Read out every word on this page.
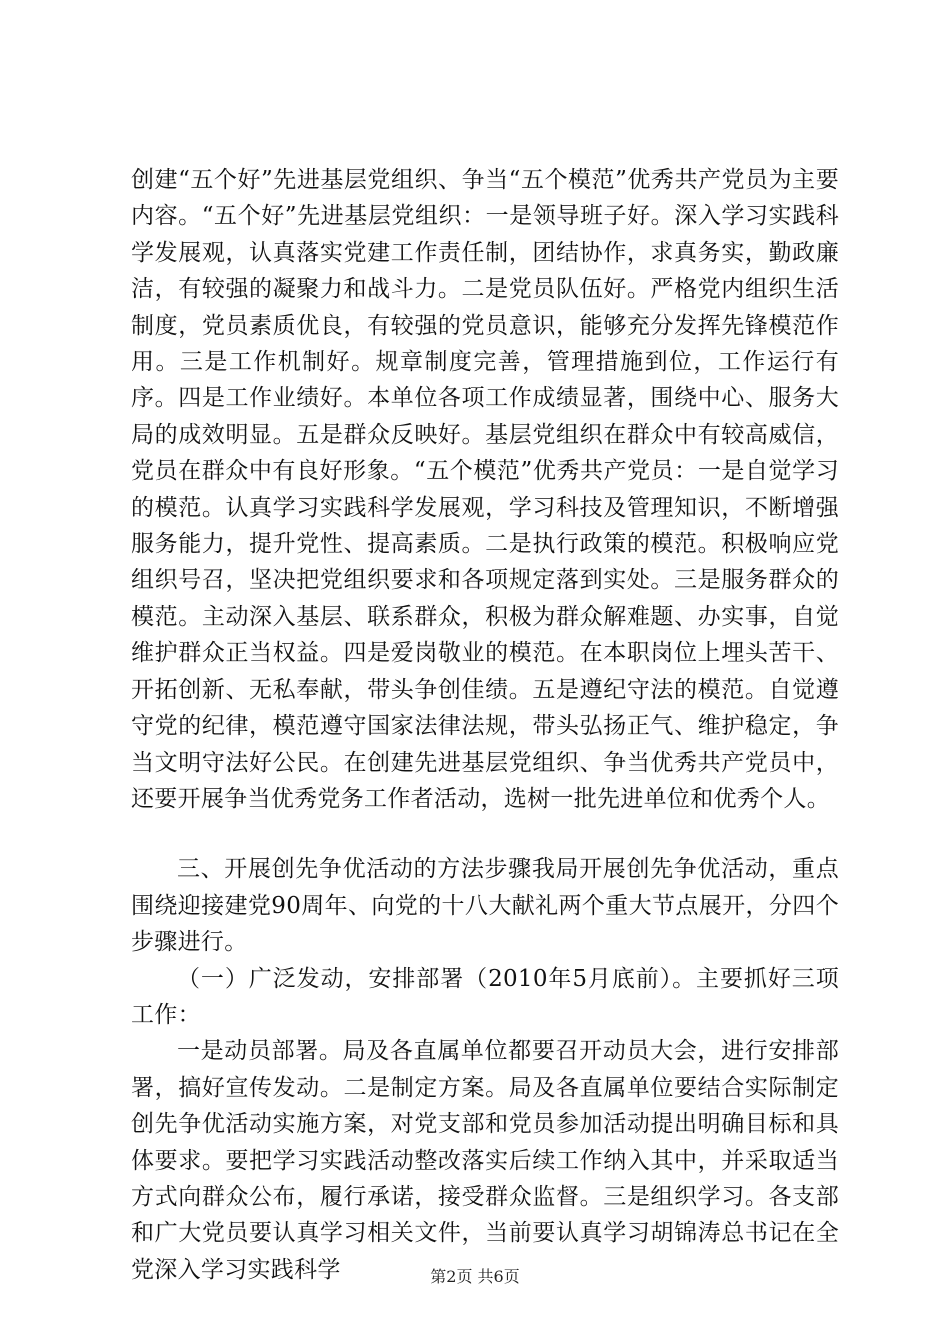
创建“五个好”先进基层党组织、争当“五个模范”优秀共产党员为主要内容。“五个好”先进基层党组织：一是领导班子好。深入学习实践科学发展观，认真落实党建工作责任制，团结协作，求真务实，勤政廉洁，有较强的凝聚力和战斗力。二是党员队伍好。严格党内组织生活制度，党员素质优良，有较强的党员意识，能够充分发挥先锋模范作用。三是工作机制好。规章制度完善，管理措施到位，工作运行有序。四是工作业绩好。本单位各项工作成绩显著，围绕中心、服务大局的成效明显。五是群众反映好。基层党组织在群众中有较高威信，党员在群众中有良好形象。“五个模范”优秀共产党员：一是自觉学习的模范。认真学习实践科学发展观，学习科技及管理知识，不断增强服务能力，提升党性、提高素质。二是执行政策的模范。积极响应党组织号召，坚决把党组织要求和各项规定落到实处。三是服务群众的模范。主动深入基层、联系群众，积极为群众解难题、办实事，自觉维护群众正当权益。四是爱岗敬业的模范。在本职岗位上埋头苦干、开拓创新、无私奉献，带头争创佳绩。五是遵纪守法的模范。自觉遵守党的纪律，模范遵守国家法律法规，带头弘扬正气、维护稳定，争当文明守法好公民。在创建先进基层党组织、争当优秀共产党员中，还要开展争当优秀党务工作者活动，选树一批先进单位和优秀个人。

三、开展创先争优活动的方法步骤我局开展创先争优活动，重点围绕迎接建党90周年、向党的十八大献礼两个重大节点展开，分四个步骤进行。

（一）广泛发动，安排部署（2010年5月底前）。主要抓好三项工作：

一是动员部署。局及各直属单位都要召开动员大会，进行安排部署，搞好宣传发动。二是制定方案。局及各直属单位要结合实际制定创先争优活动实施方案，对党支部和党员参加活动提出明确目标和具体要求。要把学习实践活动整改落实后续工作纳入其中，并采取适当方式向群众公布，履行承诺，接受群众监督。三是组织学习。各支部和广大党员要认真学习相关文件，当前要认真学习胡锦涛总书记在全党深入学习实践科学	第2页 共6页
